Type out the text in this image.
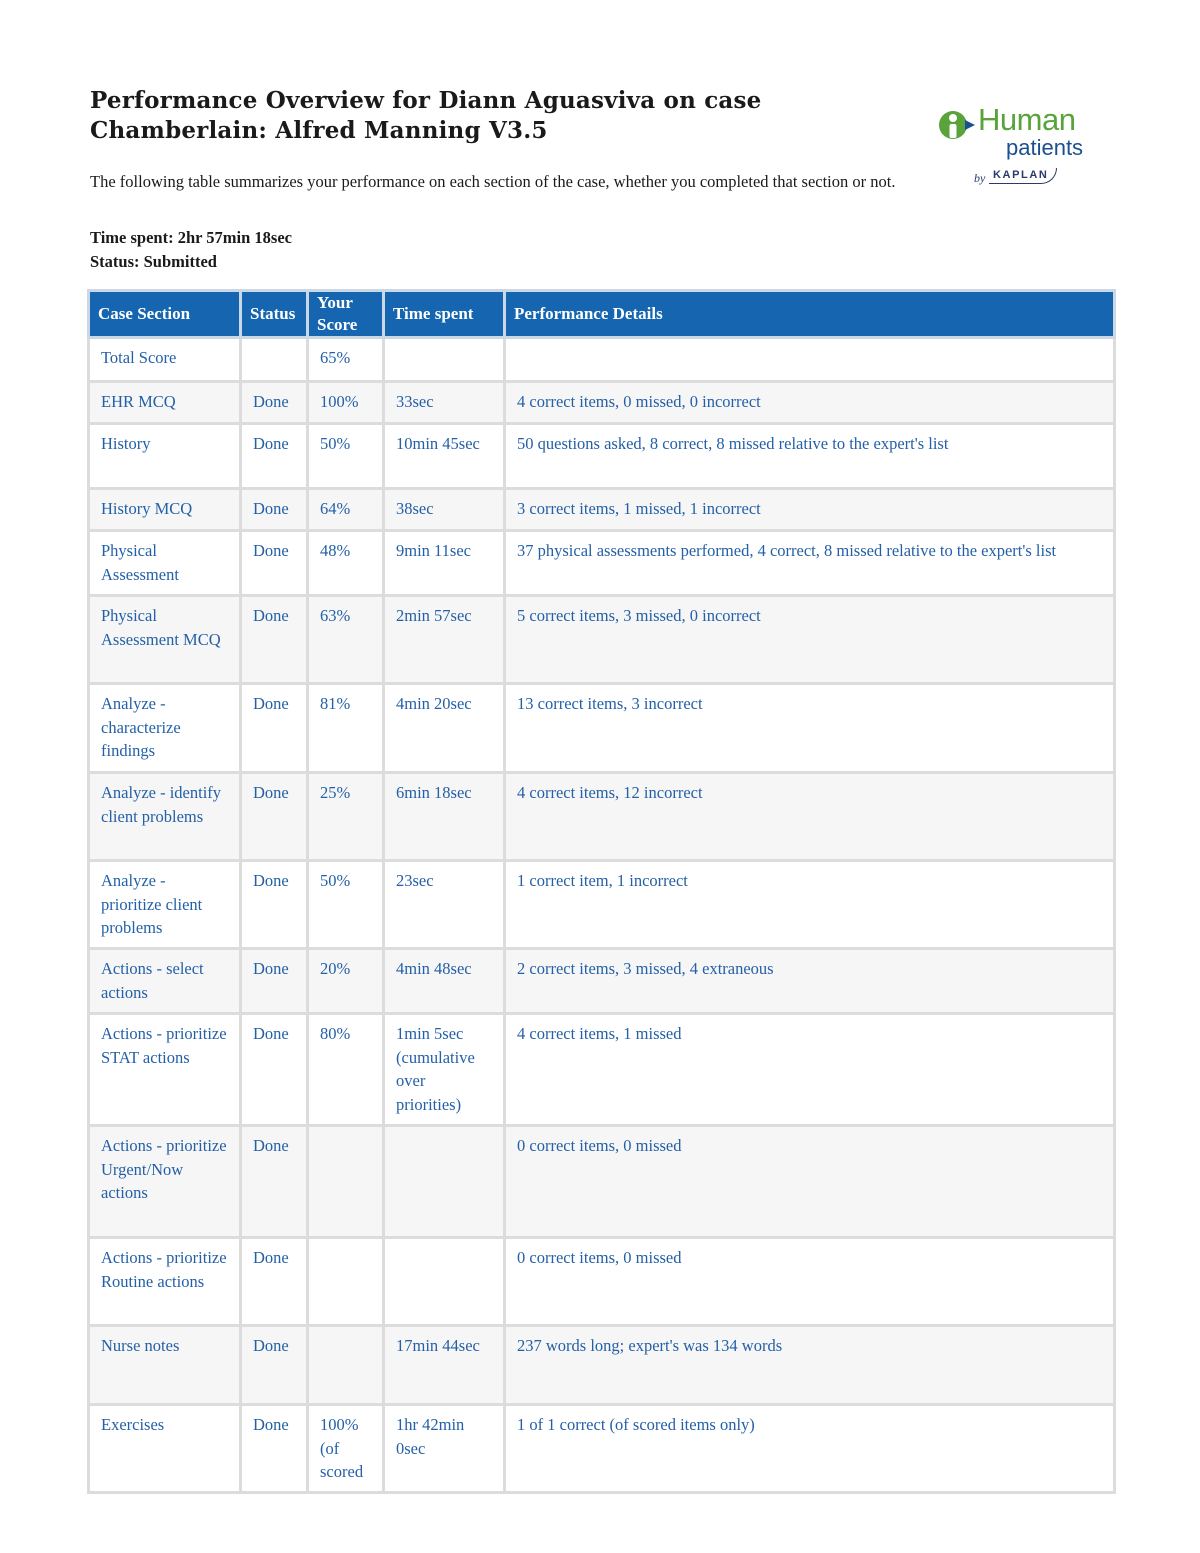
Performance Overview for Diann Aguasviva on case Chamberlain: Alfred Manning V3.5	Human
patients
by KAPLAN
The following table summarizes your performance on each section of the case, whether you completed that section or not.
Time spent: 2hr 57min 18sec
Status: Submitted
Case Section	Status	Your Score	Time spent	Performance Details
Total Score		65%		
EHR MCQ	Done	100%	33sec	4 correct items, 0 missed, 0 incorrect
History	Done	50%	10min 45sec	50 questions asked, 8 correct, 8 missed relative to the expert's list
History MCQ	Done	64%	38sec	3 correct items, 1 missed, 1 incorrect
Physical Assessment	Done	48%	9min 11sec	37 physical assessments performed, 4 correct, 8 missed relative to the expert's list
Physical Assessment MCQ	Done	63%	2min 57sec	5 correct items, 3 missed, 0 incorrect
Analyze - characterize findings	Done	81%	4min 20sec	13 correct items, 3 incorrect
Analyze - identify client problems	Done	25%	6min 18sec	4 correct items, 12 incorrect
Analyze - prioritize client problems	Done	50%	23sec	1 correct item, 1 incorrect
Actions - select actions	Done	20%	4min 48sec	2 correct items, 3 missed, 4 extraneous
Actions - prioritize STAT actions	Done	80%	1min 5sec (cumulative over priorities)	4 correct items, 1 missed
Actions - prioritize Urgent/Now actions	Done			0 correct items, 0 missed
Actions - prioritize Routine actions	Done			0 correct items, 0 missed
Nurse notes	Done		17min 44sec	237 words long; expert's was 134 words
Exercises	Done	100% (of scored	1hr 42min 0sec	1 of 1 correct (of scored items only)
